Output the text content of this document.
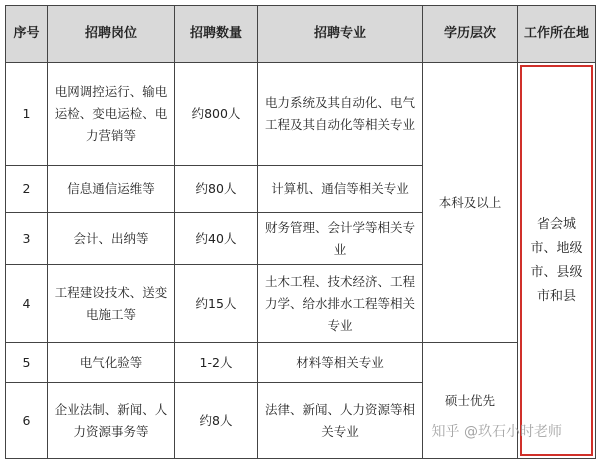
序号	招聘岗位	招聘数量	招聘专业	学历层次	工作所在地
1	电网调控运行、输电运检、变电运检、电力营销等	约800人	电力系统及其自动化、电气工程及其自动化等相关专业	本科及以上	省会城市、地级市、县级市和县

2	信息通信运维等	约80人	计算机、通信等相关专业		
3	会计、出纳等	约40人	财务管理、会计学等相关专业		
4	工程建设技术、送变电施工等	约15人	土木工程、技术经济、工程力学、给水排水工程等相关专业		
5	电气化验等	1-2人	材料等相关专业	硕士优先	
6	企业法制、新闻、人力资源事务等	约8人	法律、新闻、人力资源等相关专业			知乎 @玖石小时老师
